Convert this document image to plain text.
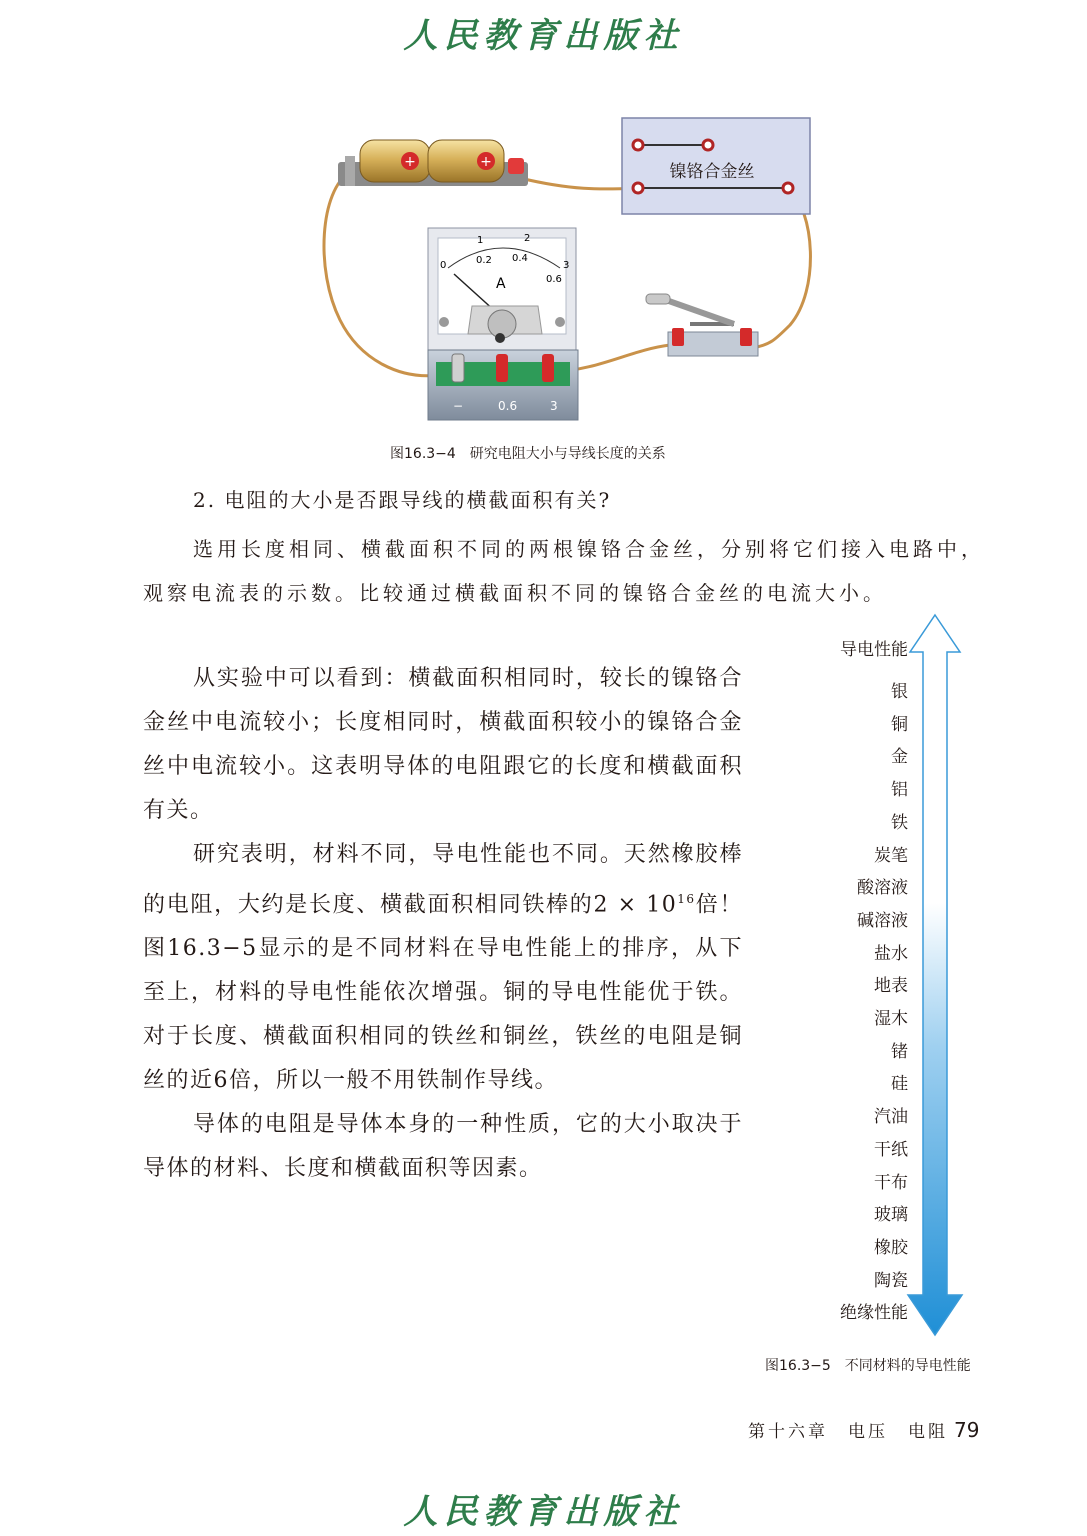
人民教育出版社
+	+	镍铬合金丝
0
1	2
3
0.2 0.4
0.6
A
−	0.6	3
图16.3−4　研究电阻大小与导线长度的关系
2. 电阻的大小是否跟导线的横截面积有关?
选用长度相同、横截面积不同的两根镍铬合金丝，分别将它们接入电路中，观察电流表的示数。比较通过横截面积不同的镍铬合金丝的电流大小。

从实验中可以看到：横截面积相同时，较长的镍铬合金丝中电流较小；长度相同时，横截面积较小的镍铬合金丝中电流较小。这表明导体的电阻跟它的长度和横截面积有关。

研究表明，材料不同，导电性能也不同。天然橡胶棒的电阻，大约是长度、横截面积相同铁棒的$2 \times 10^{16}$倍！图16.3−5显示的是不同材料在导电性能上的排序，从下至上，材料的导电性能依次增强。铜的导电性能优于铁。对于长度、横截面积相同的铁丝和铜丝，铁丝的电阻是铜丝的近6倍，所以一般不用铁制作导线。

导体的电阻是导体本身的一种性质，它的大小取决于导体的材料、长度和横截面积等因素。

导电性能
银
铜
金
铝
铁
炭笔
酸溶液
碱溶液
盐水
地表
湿木
锗
硅
汽油
干纸
干布
玻璃
橡胶
陶瓷
绝缘性能
图16.3−5　不同材料的导电性能
第十六章　电压　电阻 79
人民教育出版社
